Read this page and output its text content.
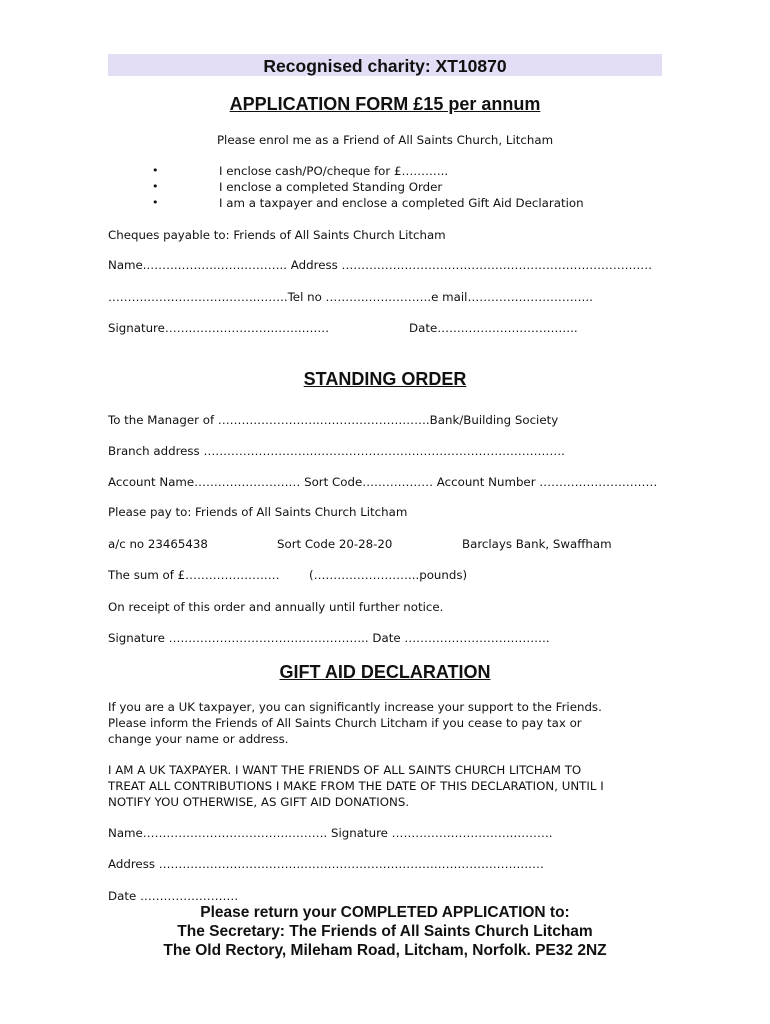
Recognised charity: XT10870
APPLICATION FORM £15 per annum
Please enrol me as a Friend of All Saints Church, Litcham
•	I enclose cash/PO/cheque for £………...
•	I enclose a completed Standing Order
•	I am a taxpayer and enclose a completed Gift Aid Declaration
Cheques payable to: Friends of All Saints Church Litcham
Name..…….……….…….……….. Address …………………………………………………………………….
……….…….…….…….…….……..Tel no ……….…….……….e mail…………………………..
Signature…….…….…….…….…….…….	Date…….…….…….…….……..
STANDING ORDER
To the Manager of ……………………..……………………….Bank/Building Society
Branch address ……………………….……………………………………………………….
Account Name……………………… Sort Code……………… Account Number …………………………
Please pay to: Friends of All Saints Church Litcham
a/c no 23465438	Sort Code 20-28-20	Barclays Bank, Swaffham
The sum of £…………………… (……………………...pounds)
On receipt of this order and annually until further notice.
Signature ….……………………………………….. Date ……………………………….
GIFT AID DECLARATION
If you are a UK taxpayer, you can significantly increase your support to the Friends.
Please inform the Friends of All Saints Church Litcham if you cease to pay tax or
change your name or address.
I AM A UK TAXPAYER. I WANT THE FRIENDS OF ALL SAINTS CHURCH LITCHAM TO
TREAT ALL CONTRIBUTIONS I MAKE FROM THE DATE OF THIS DECLARATION, UNTIL I
NOTIFY YOU OTHERWISE, AS GIFT AID DONATIONS.
Name……………………………….………. Signature ………………………….……….
Address ……………………………….…………………………………………………….
Date …………………….
Please return your COMPLETED APPLICATION to:
The Secretary: The Friends of All Saints Church Litcham
The Old Rectory, Mileham Road, Litcham, Norfolk. PE32 2NZ
